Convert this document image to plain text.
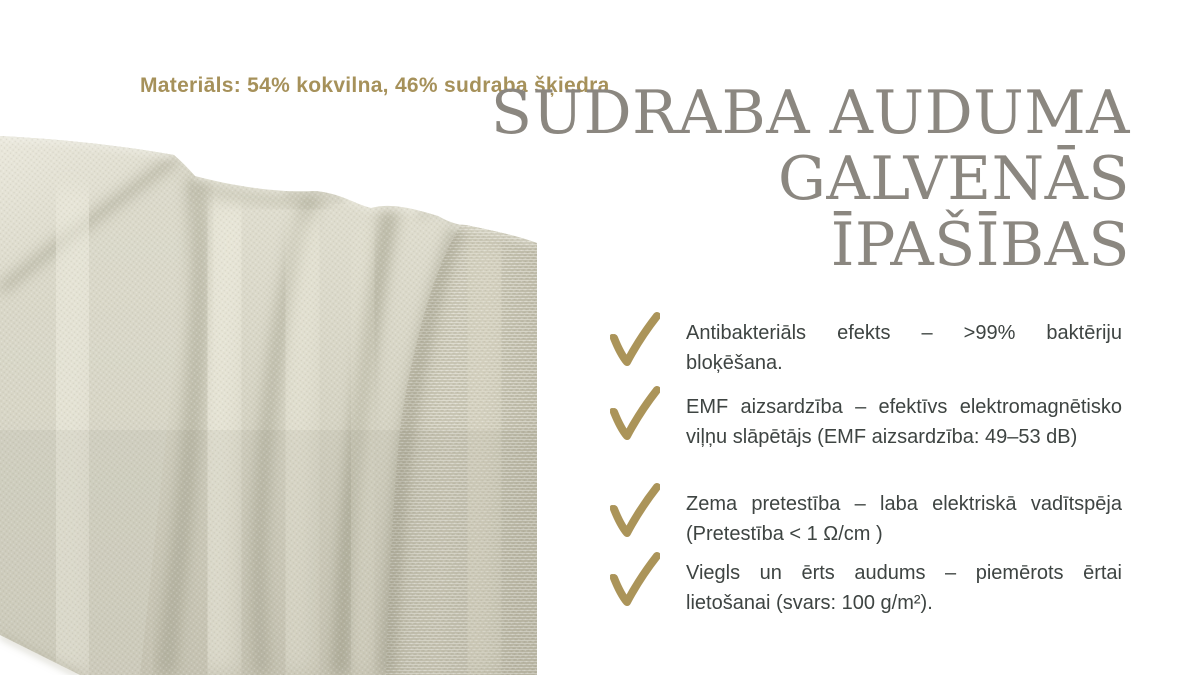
Materiāls: 54% kokvilna, 46% sudraba šķiedra
SUDRABA AUDUMA
GALVENĀS
ĪPAŠĪBAS

Antibakteriāls efekts – >99% baktēriju bloķēšana.

EMF aizsardzība – efektīvs elektromagnētisko viļņu slāpētājs (EMF aizsardzība: 49–53 dB)

Zema pretestība – laba elektriskā vadītspēja (Pretestība < 1 Ω/cm )

Viegls un ērts audums – piemērots ērtai lietošanai (svars: 100 g/m²).
